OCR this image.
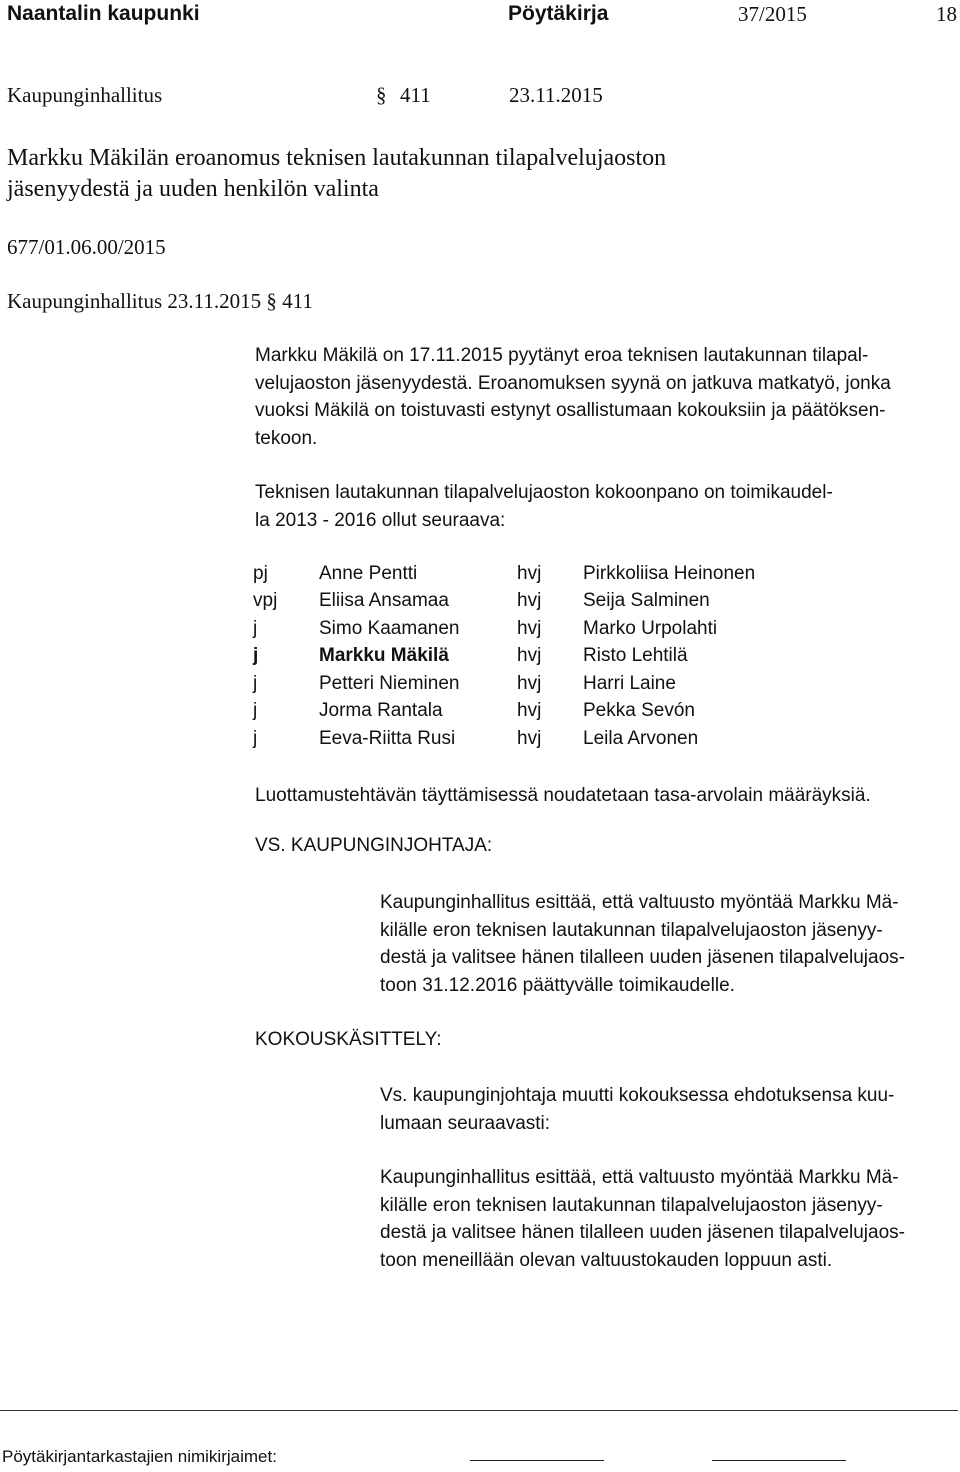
Naantalin kaupunki	Pöytäkirja	37/2015	18
Kaupunginhallitus	§ 411	23.11.2015
Markku Mäkilän eroanomus teknisen lautakunnan tilapalvelujaoston
jäsenyydestä ja uuden henkilön valinta
677/01.06.00/2015
Kaupunginhallitus 23.11.2015 § 411
Markku Mäkilä on 17.11.2015 pyytänyt eroa teknisen lautakunnan tilapal-
velujaoston jäsenyydestä. Eroanomuksen syynä on jatkuva matkatyö, jonka
vuoksi Mäkilä on toistuvasti estynyt osallistumaan kokouksiin ja päätöksen-
tekoon.
Teknisen lautakunnan tilapalvelujaoston kokoonpano on toimikaudel-
la 2013 - 2016 ollut seuraava:
pj	Anne Pentti	hvj	Pirkkoliisa Heinonen
vpj	Eliisa Ansamaa	hvj	Seija Salminen
j	Simo Kaamanen	hvj	Marko Urpolahti
j	Markku Mäkilä	hvj	Risto Lehtilä
j	Petteri Nieminen	hvj	Harri Laine
j	Jorma Rantala	hvj	Pekka Sevón
j	Eeva-Riitta Rusi	hvj	Leila Arvonen
Luottamustehtävän täyttämisessä noudatetaan tasa-arvolain määräyksiä.
VS. KAUPUNGINJOHTAJA:
Kaupunginhallitus esittää, että valtuusto myöntää Markku Mä-
kilälle eron teknisen lautakunnan tilapalvelujaoston jäsenyy-
destä ja valitsee hänen tilalleen uuden jäsenen tilapalvelujaos-
toon 31.12.2016 päättyvälle toimikaudelle.
KOKOUSKÄSITTELY:
Vs. kaupunginjohtaja muutti kokouksessa ehdotuksensa kuu-
lumaan seuraavasti:
Kaupunginhallitus esittää, että valtuusto myöntää Markku Mä-
kilälle eron teknisen lautakunnan tilapalvelujaoston jäsenyy-
destä ja valitsee hänen tilalleen uuden jäsenen tilapalvelujaos-
toon meneillään olevan valtuustokauden loppuun asti.
Pöytäkirjantarkastajien nimikirjaimet:
